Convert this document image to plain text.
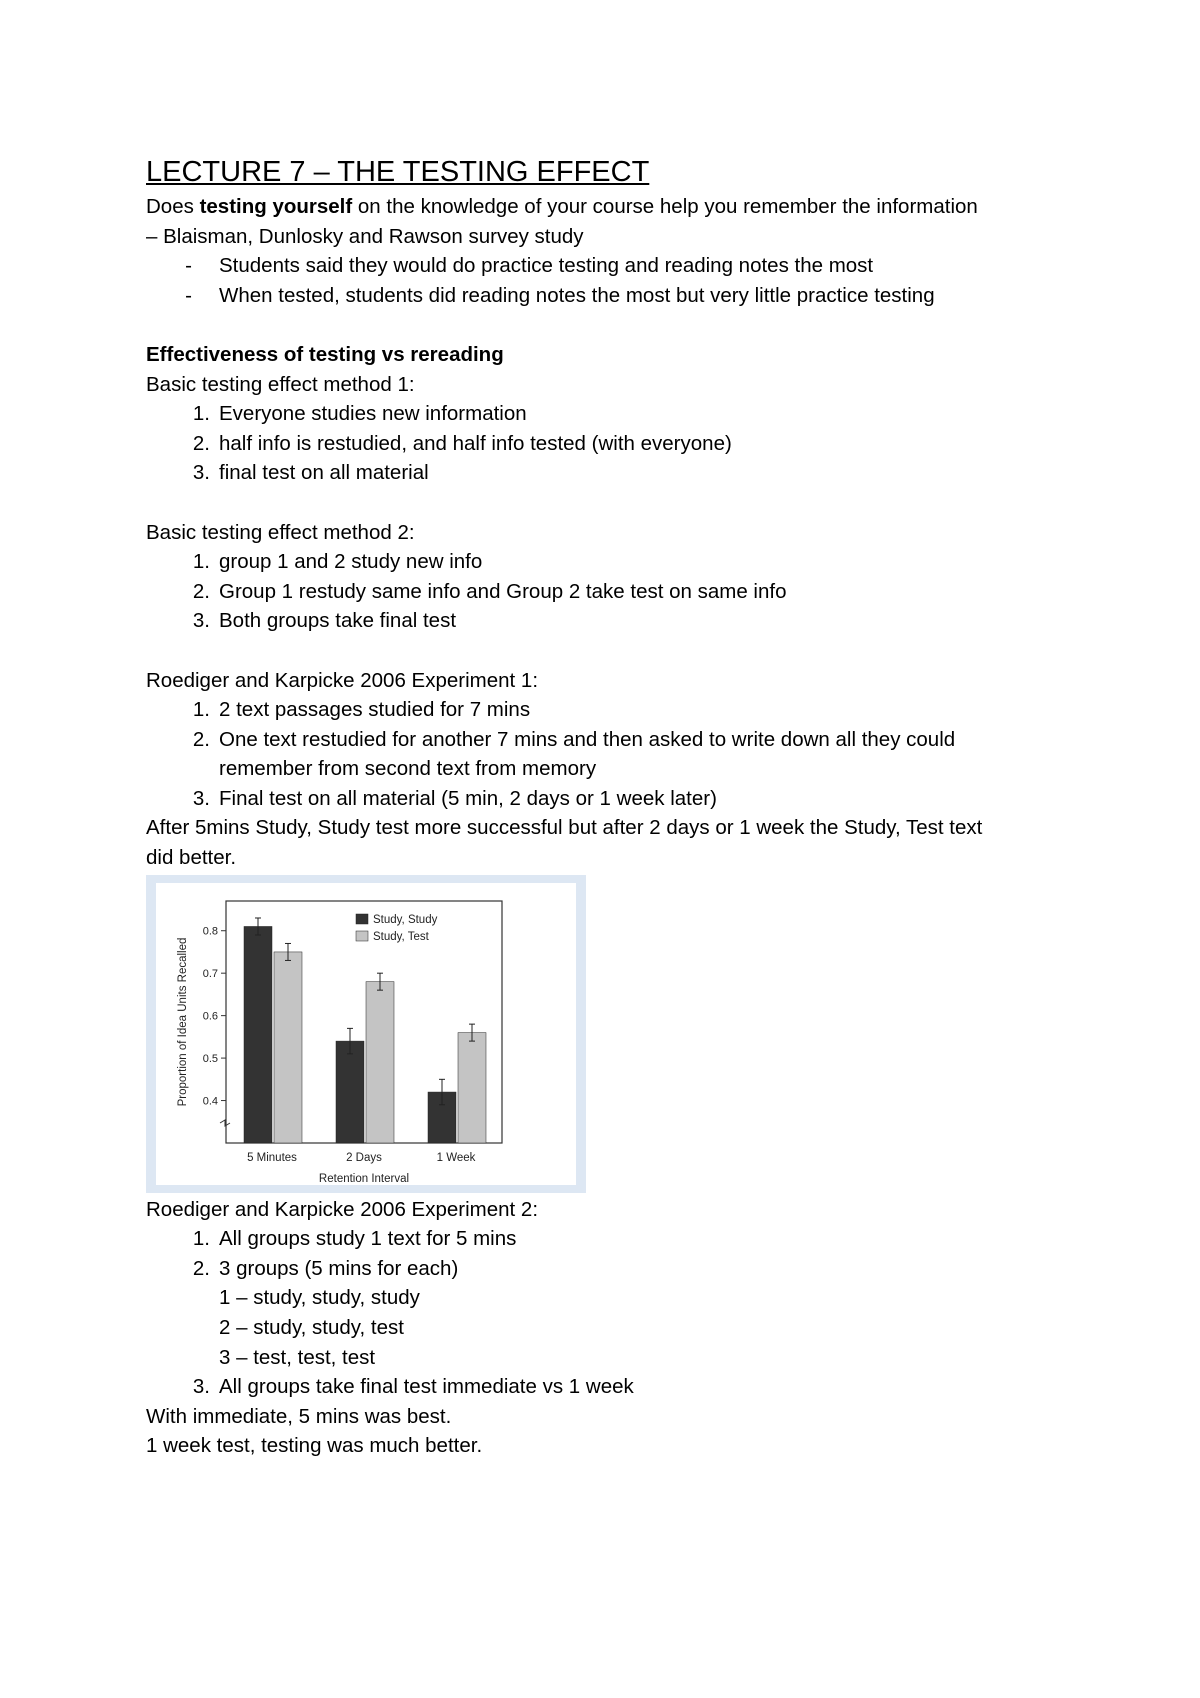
LECTURE 7 – THE TESTING EFFECT

Does testing yourself on the knowledge of your course help you remember the information

– Blaisman, Dunlosky and Rawson survey study

- Students said they would do practice testing and reading notes the most
- When tested, students did reading notes the most but very little practice testing

Effectiveness of testing vs rereading

Basic testing effect method 1:

1. Everyone studies new information
2. half info is restudied, and half info tested (with everyone)
3. final test on all material

Basic testing effect method 2:

1. group 1 and 2 study new info
2. Group 1 restudy same info and Group 2 take test on same info
3. Both groups take final test

Roediger and Karpicke 2006 Experiment 1:

1. 2 text passages studied for 7 mins
2. One text restudied for another 7 mins and then asked to write down all they could
remember from second text from memory
3. Final test on all material (5 min, 2 days or 1 week later)

After 5mins Study, Study test more successful but after 2 days or 1 week the Study, Test text

did better.

0.4
0.5
0.6
0.7
0.8
Proportion of Idea Units Recalled
5 Minutes	2 Days	1 Week
Retention Interval
Study, Study
Study, Test

Roediger and Karpicke 2006 Experiment 2:

1. All groups study 1 text for 5 mins
2. 3 groups (5 mins for each)
1 – study, study, study
2 – study, study, test
3 – test, test, test
3. All groups take final test immediate vs 1 week

With immediate, 5 mins was best.

1 week test, testing was much better.
